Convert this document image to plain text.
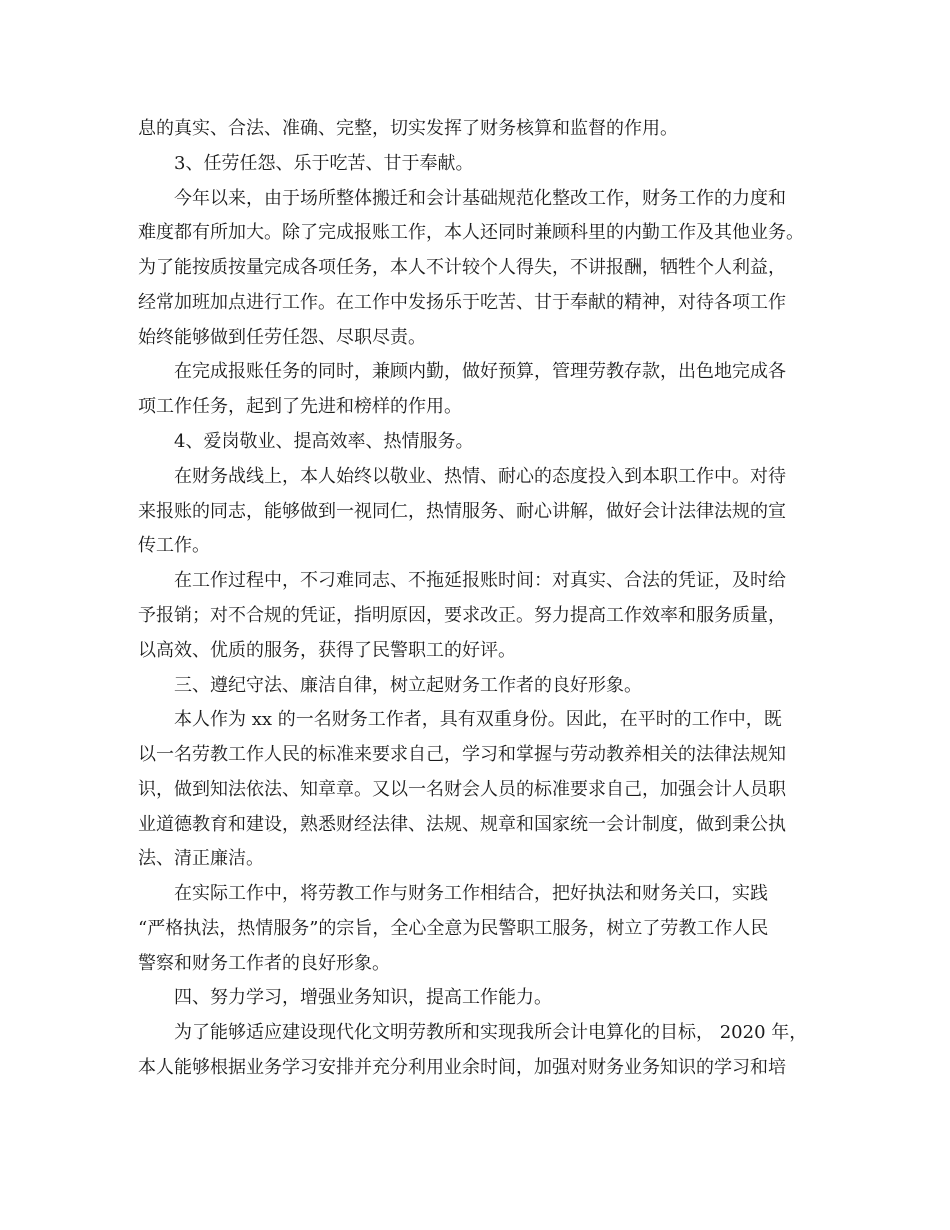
息的真实、合法、准确、完整，切实发挥了财务核算和监督的作用。
3、任劳任怨、乐于吃苦、甘于奉献。
今年以来，由于场所整体搬迁和会计基础规范化整改工作，财务工作的力度和
难度都有所加大。除了完成报账工作，本人还同时兼顾科里的内勤工作及其他业务。
为了能按质按量完成各项任务，本人不计较个人得失，不讲报酬，牺牲个人利益，
经常加班加点进行工作。在工作中发扬乐于吃苦、甘于奉献的精神，对待各项工作
始终能够做到任劳任怨、尽职尽责。
在完成报账任务的同时，兼顾内勤，做好预算，管理劳教存款，出色地完成各
项工作任务，起到了先进和榜样的作用。
4、爱岗敬业、提高效率、热情服务。
在财务战线上，本人始终以敬业、热情、耐心的态度投入到本职工作中。对待
来报账的同志，能够做到一视同仁，热情服务、耐心讲解，做好会计法律法规的宣
传工作。
在工作过程中，不刁难同志、不拖延报账时间：对真实、合法的凭证，及时给
予报销；对不合规的凭证，指明原因，要求改正。努力提高工作效率和服务质量，
以高效、优质的服务，获得了民警职工的好评。
三、遵纪守法、廉洁自律，树立起财务工作者的良好形象。
本人作为 xx 的一名财务工作者，具有双重身份。因此，在平时的工作中，既
以一名劳教工作人民的标准来要求自己，学习和掌握与劳动教养相关的法律法规知
识，做到知法依法、知章章。又以一名财会人员的标准要求自己，加强会计人员职
业道德教育和建设，熟悉财经法律、法规、规章和国家统一会计制度，做到秉公执
法、清正廉洁。
在实际工作中，将劳教工作与财务工作相结合，把好执法和财务关口，实践
“严格执法，热情服务”的宗旨，全心全意为民警职工服务，树立了劳教工作人民
警察和财务工作者的良好形象。
四、努力学习，增强业务知识，提高工作能力。
为了能够适应建设现代化文明劳教所和实现我所会计电算化的目标， 2020 年，
本人能够根据业务学习安排并充分利用业余时间，加强对财务业务知识的学习和培
